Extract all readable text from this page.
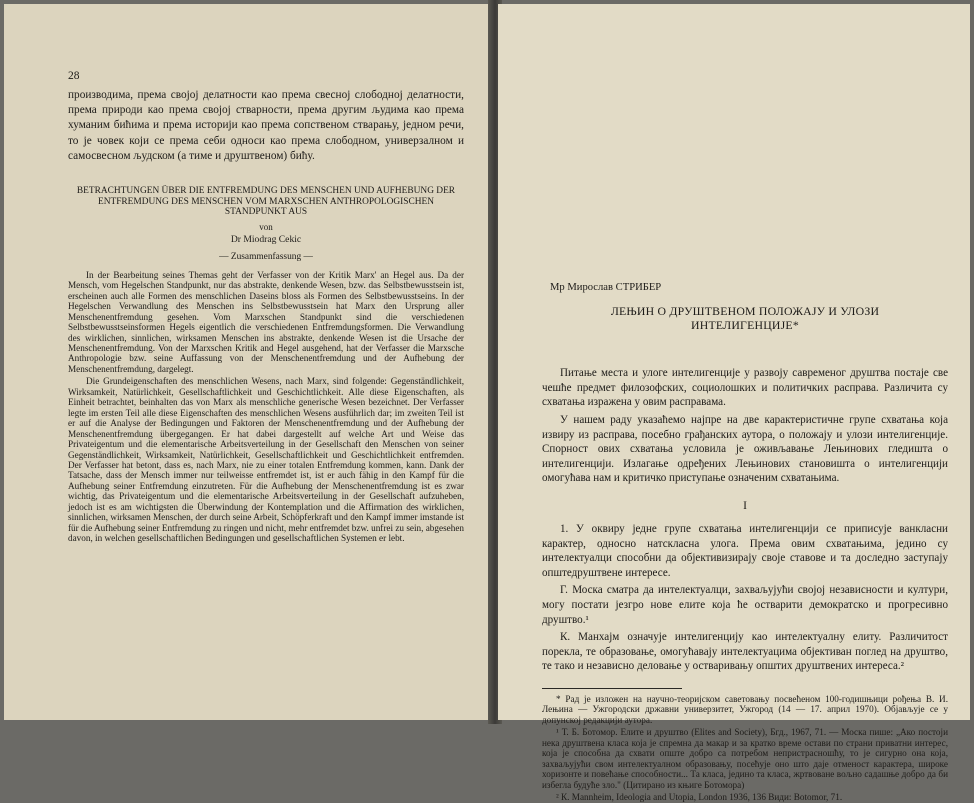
28

производима, према својој делатности као према свесној слободној делатности, према природи као према својој стварности, према другим људима као према хуманим бићима и према историји као према сопственом стварању, једном речи, то је човек који се према себи односи као према слободном, универзалном и самосвесном људском (а тиме и друштвеном) бићу.

BETRACHTUNGEN ÜBER DIE ENTFREMDUNG DES MENSCHEN UND AUFHEBUNG DER ENTFREMDUNG DES MENSCHEN VOM MARXSCHEN ANTHROPOLOGISCHEN STANDPUNKT AUS
von
Dr Miodrag Cekic
— Zusammenfassung —

In der Bearbeitung seines Themas geht der Verfasser von der Kritik Marx' an Hegel aus. Da der Mensch, vom Hegelschen Standpunkt, nur das abstrakte, denkende Wesen, bzw. das Selbstbewusstsein ist, erscheinen auch alle Formen des menschlichen Daseins bloss als Formen des Selbstbewusstseins. In der Hegelschen Verwandlung des Menschen ins Selbstbewusstsein hat Marx den Ursprung aller Menschenentfremdung gesehen. Vom Marxschen Standpunkt sind die verschiedenen Selbstbewusstseinsformen Hegels eigentlich die verschiedenen Entfremdungsformen. Die Verwandlung des wirklichen, sinnlichen, wirksamen Menschen ins abstrakte, denkende Wesen ist die Ursache der Menschenentfremdung. Von der Marxschen Kritik and Hegel ausgehend, hat der Verfasser die Marxsche Anthropologie bzw. seine Auffassung von der Menschenentfremdung und der Aufhebung der Menschenentfremdung, dargelegt.

Die Grundeigenschaften des menschlichen Wesens, nach Marx, sind folgende: Gegenständlichkeit, Wirksamkeit, Natürlichkeit, Gesellschaftlichkeit und Geschichtlichkeit. Alle diese Eigenschaften, als Einheit betrachtet, beinhalten das von Marx als menschliche generische Wesen bezeichnet. Der Verfasser legte im ersten Teil alle diese Eigenschaften des menschlichen Wesens ausführlich dar; im zweiten Teil ist er auf die Analyse der Bedingungen und Faktoren der Menschenentfremdung und der Aufhebung der Menschenentfremdung übergegangen. Er hat dabei dargestellt auf welche Art und Weise das Privateigentum und die elementarische Arbeitsverteilung in der Gesellschaft den Menschen von seiner Gegenständlichkeit, Wirksamkeit, Natürlichkeit, Gesellschaftlichkeit und Geschichtlichkeit entfremden. Der Verfasser hat betont, dass es, nach Marx, nie zu einer totalen Entfremdung kommen, kann. Dank der Tatsache, dass der Mensch immer nur teilweisse entfremdet ist, ist er auch fähig in den Kampf für die Aufhebung seiner Entfremdung einzutreten. Für die Aufhebung der Menschenentfremdung ist es zwar wichtig, das Privateigentum und die elementarische Arbeitsverteilung in der Gesellschaft aufzuheben, jedoch ist es am wichtigsten die Überwindung der Kontemplation und die Affirmation des wirklichen, sinnlichen, wirksamen Menschen, der durch seine Arbeit, Schöpferkraft und den Kampf immer imstande ist für die Aufhebung seiner Entfremdung zu ringen und nicht, mehr entfremdet bzw. unfrei zu sein, abgesehen davon, in welchen gesellschaftlichen Bedingungen und gesellschaftlichen Systemen er lebt.

Мр Мирослав СТРИБЕР
ЛЕЊИН О ДРУШТВЕНОМ ПОЛОЖАЈУ И УЛОЗИ ИНТЕЛИГЕНЦИЈЕ*

Питање места и улоге интелигенције у развоју савременог друштва постаје све чешће предмет филозофских, социолошких и политичких расправа. Различита су схватања изражена у овим расправама.

У нашем раду указаћемо најпре на две карактеристичне групе схватања која извиру из расправа, посебно грађанских аутора, о положају и улози интелигенције. Спорност ових схватања условила је оживљавање Лењинових гледишта о интелигенцији. Излагање одређених Лењинових становишта о интелигенцији омогућава нам и критичко приступање означеним схватањима.

I

1. У оквиру једне групе схватања интелигенцији се приписује ванкласни карактер, односно натскласна улога. Према овим схватањима, једино су интелектуалци способни да објективизирају своје ставове и та доследно заступају општедруштвене интересе.

Г. Моска сматра да интелектуалци, захваљујући својој независности и култури, могу постати језгро нове елите која ће остварити демократско и прогресивно друштво.¹

К. Манхајм означује интелигенцију као интелектуалну елиту. Различитост порекла, те образовање, омогућавају интелектуацима објективан поглед на друштво, те тако и независно деловање у остваривању општих друштвених интереса.²

* Рад је изложен на научно-теоријском саветовању посвећеном 100-годишњици рођења В. И. Лењина — Ужгородски државни универзитет, Ужгород (14 — 17. април 1970). Објављује се у допунској редакцији аутора.

¹ Т. Б. Ботомор. Елите и друштво (Elites and Society), Бгд., 1967, 71. — Моска пише: „Ако постоји нека друштвена класа која је спремна да макар и за кратко време остави по страни приватни интерес, која је способна да схвати опште добро са потребом непристрасношћу, то је сигурно она која, захваљујући свом интелектуалном образовању, посећује оно што даје отменост карактера, широке хоризонте и повећање способности... Та класа, једино та класа, жртвоване вољно садашње добро да би избегла будуће зло." (Цитирано из књиге Ботомора)

² К. Mannheim, Ideologia and Utopia, London 1936, 136 Види: Botomor, 71.
